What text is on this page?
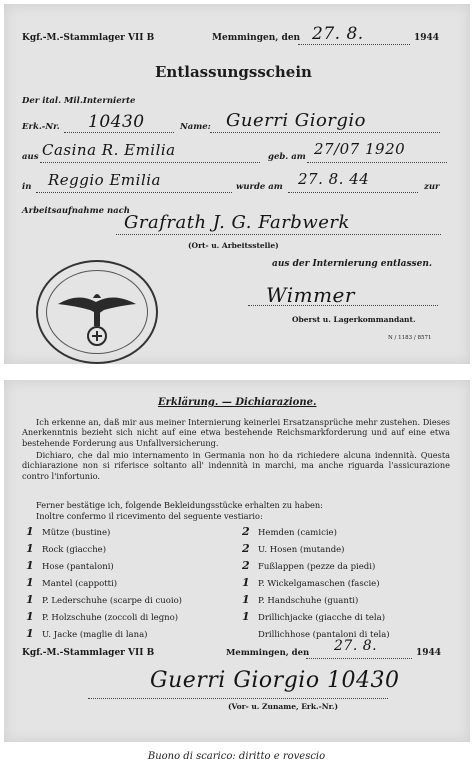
Kgf.-M.-Stammlager VII B	Memmingen, den 27. 8.	1944
Entlassungsschein
Der ital. Mil.Internierte
Erk.-Nr. 10430	Name: Guerri Giorgio
aus Casina R. Emilia	geb. am 27/07 1920
in Reggio Emilia	wurde am 27. 8. 44	zur
Arbeitsaufnahme nach
Grafrath J. G. Farbwerk
(Ort- u. Arbeitsstelle)
aus der Internierung entlassen.
Wimmer
Oberst u. Lagerkommandant.
N / 1183 / 8571
Erklärung. — Dichiarazione.
Ich erkenne an, daß mir aus meiner Internierung keinerlei Ersatzansprüche mehr zustehen. Dieses Anerkenntnis bezieht sich nicht auf eine etwa bestehende Reichsmarkforderung und auf eine etwa bestehende Forderung aus Unfallversicherung.
Dichiaro, che dal mio internamento in Germania non ho da richiedere alcuna indennità. Questa dichiarazione non si riferisce soltanto all' indennità in marchi, ma anche riguarda l'assicurazione contro l'infortunio.
Ferner bestätige ich, folgende Bekleidungsstücke erhalten zu haben:
Inoltre confermo il ricevimento del seguente vestiario:
1 Mütze (bustine)
1 Rock (giacche)
1 Hose (pantaloni)
1 Mantel (cappotti)
1 P. Lederschuhe (scarpe di cuoio)
1 P. Holzschuhe (zoccoli di legno)
1 U. Jacke (maglie di lana)
2 Hemden (camicie)
2 U. Hosen (mutande)
2 Fußlappen (pezze da piedi)
1 P. Wickelgamaschen (fascie)
1 P. Handschuhe (guanti)
1 Drillichjacke (giacche di tela)
Drillichhose (pantaloni di tela)
Kgf.-M.-Stammlager VII B	Memmingen, den 27. 8.	1944
Guerri Giorgio 10430
(Vor- u. Zuname, Erk.-Nr.)
Buono di scarico: diritto e rovescio
